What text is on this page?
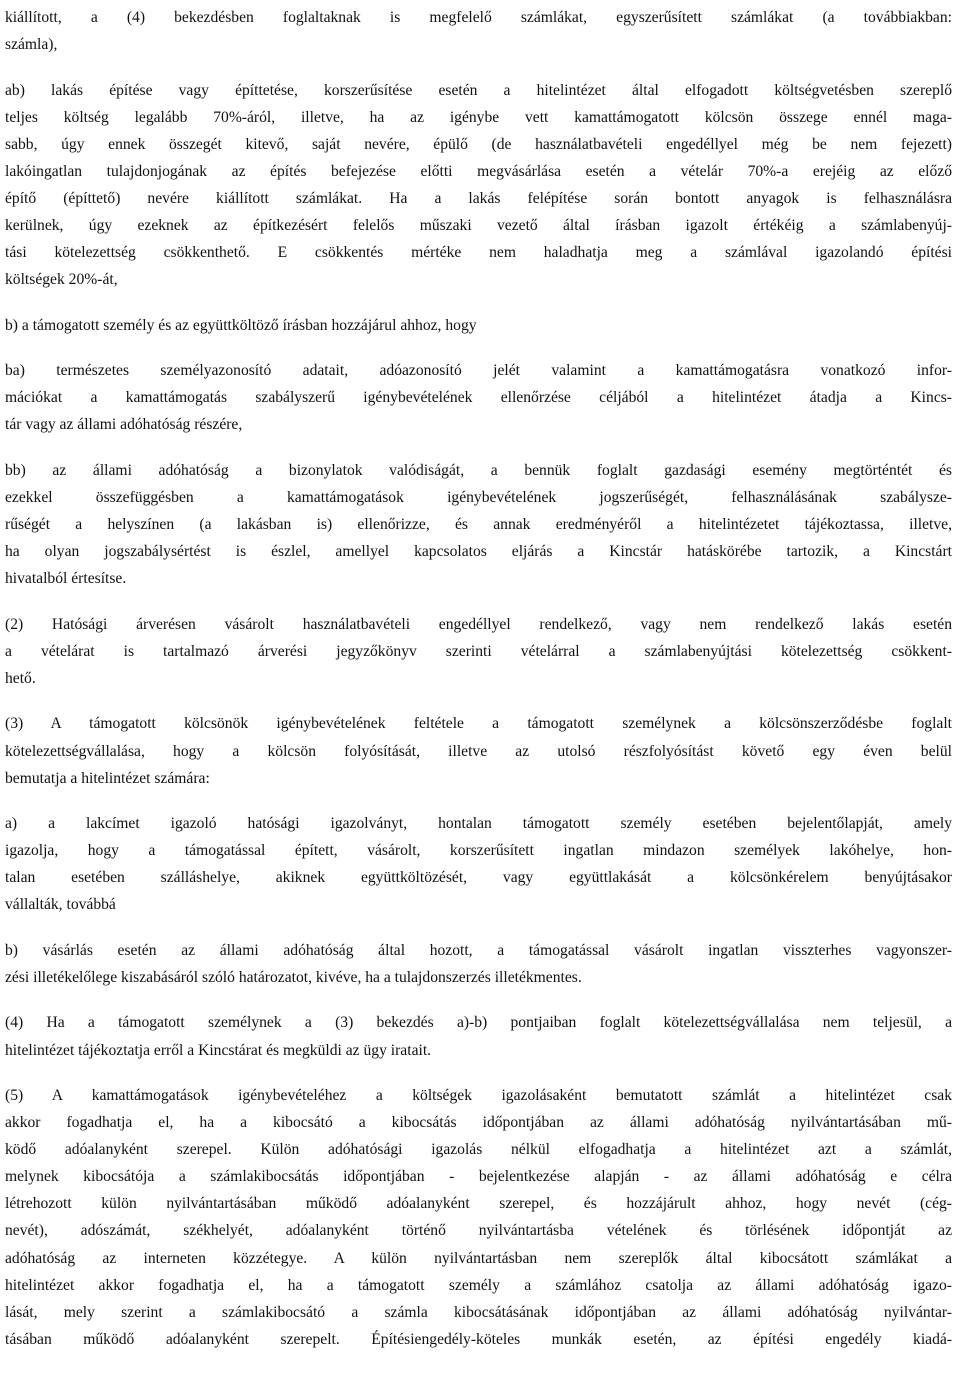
kiállított, a (4) bekezdésben foglaltaknak is megfelelő számlákat, egyszerűsített számlákat (a továbbiakban:
számla),

ab) lakás építése vagy építtetése, korszerűsítése esetén a hitelintézet által elfogadott költségvetésben szereplő
teljes költség legalább 70%-áról, illetve, ha az igénybe vett kamattámogatott kölcsön összege ennél maga-
sabb, úgy ennek összegét kitevő, saját nevére, épülő (de használatbavételi engedéllyel még be nem fejezett)
lakóingatlan tulajdonjogának az építés befejezése előtti megvásárlása esetén a vételár 70%-a erejéig az előző
építő (építtető) nevére kiállított számlákat. Ha a lakás felépítése során bontott anyagok is felhasználásra
kerülnek, úgy ezeknek az építkezésért felelős műszaki vezető által írásban igazolt értékéig a számlabenyúj-
tási kötelezettség csökkenthető. E csökkentés mértéke nem haladhatja meg a számlával igazolandó építési
költségek 20%-át,

b) a támogatott személy és az együttköltöző írásban hozzájárul ahhoz, hogy

ba) természetes személyazonosító adatait, adóazonosító jelét valamint a kamattámogatásra vonatkozó infor-
mációkat a kamattámogatás szabályszerű igénybevételének ellenőrzése céljából a hitelintézet átadja a Kincs-
tár vagy az állami adóhatóság részére,

bb) az állami adóhatóság a bizonylatok valódiságát, a bennük foglalt gazdasági esemény megtörténtét és
ezekkel összefüggésben a kamattámogatások igénybevételének jogszerűségét, felhasználásának szabálysze-
rűségét a helyszínen (a lakásban is) ellenőrizze, és annak eredményéről a hitelintézetet tájékoztassa, illetve,
ha olyan jogszabálysértést is észlel, amellyel kapcsolatos eljárás a Kincstár hatáskörébe tartozik, a Kincstárt
hivatalból értesítse.

(2) Hatósági árverésen vásárolt használatbavételi engedéllyel rendelkező, vagy nem rendelkező lakás esetén
a vételárat is tartalmazó árverési jegyzőkönyv szerinti vételárral a számlabenyújtási kötelezettség csökkent-
hető.

(3) A támogatott kölcsönök igénybevételének feltétele a támogatott személynek a kölcsönszerződésbe foglalt
kötelezettségvállalása, hogy a kölcsön folyósítását, illetve az utolsó részfolyósítást követő egy éven belül
bemutatja a hitelintézet számára:

a) a lakcímet igazoló hatósági igazolványt, hontalan támogatott személy esetében bejelentőlapját, amely
igazolja, hogy a támogatással épített, vásárolt, korszerűsített ingatlan mindazon személyek lakóhelye, hon-
talan esetében szálláshelye, akiknek együttköltözését, vagy együttlakását a kölcsönkérelem benyújtásakor
vállalták, továbbá

b) vásárlás esetén az állami adóhatóság által hozott, a támogatással vásárolt ingatlan visszterhes vagyonszer-
zési illetékelőlege kiszabásáról szóló határozatot, kivéve, ha a tulajdonszerzés illetékmentes.

(4) Ha a támogatott személynek a (3) bekezdés a)-b) pontjaiban foglalt kötelezettségvállalása nem teljesül, a
hitelintézet tájékoztatja erről a Kincstárat és megküldi az ügy iratait.

(5) A kamattámogatások igénybevételéhez a költségek igazolásaként bemutatott számlát a hitelintézet csak
akkor fogadhatja el, ha a kibocsátó a kibocsátás időpontjában az állami adóhatóság nyilvántartásában mű-
ködő adóalanyként szerepel. Külön adóhatósági igazolás nélkül elfogadhatja a hitelintézet azt a számlát,
melynek kibocsátója a számlakibocsátás időpontjában - bejelentkezése alapján - az állami adóhatóság e célra
létrehozott külön nyilvántartásában működő adóalanyként szerepel, és hozzájárult ahhoz, hogy nevét (cég-
nevét), adószámát, székhelyét, adóalanyként történő nyilvántartásba vételének és törlésének időpontját az
adóhatóság az interneten közzétegye. A külön nyilvántartásban nem szereplők által kibocsátott számlákat a
hitelintézet akkor fogadhatja el, ha a támogatott személy a számlához csatolja az állami adóhatóság igazo-
lását, mely szerint a számlakibocsátó a számla kibocsátásának időpontjában az állami adóhatóság nyilvántar-
tásában működő adóalanyként szerepelt. Építésiengedély-köteles munkák esetén, az építési engedély kiadá-
